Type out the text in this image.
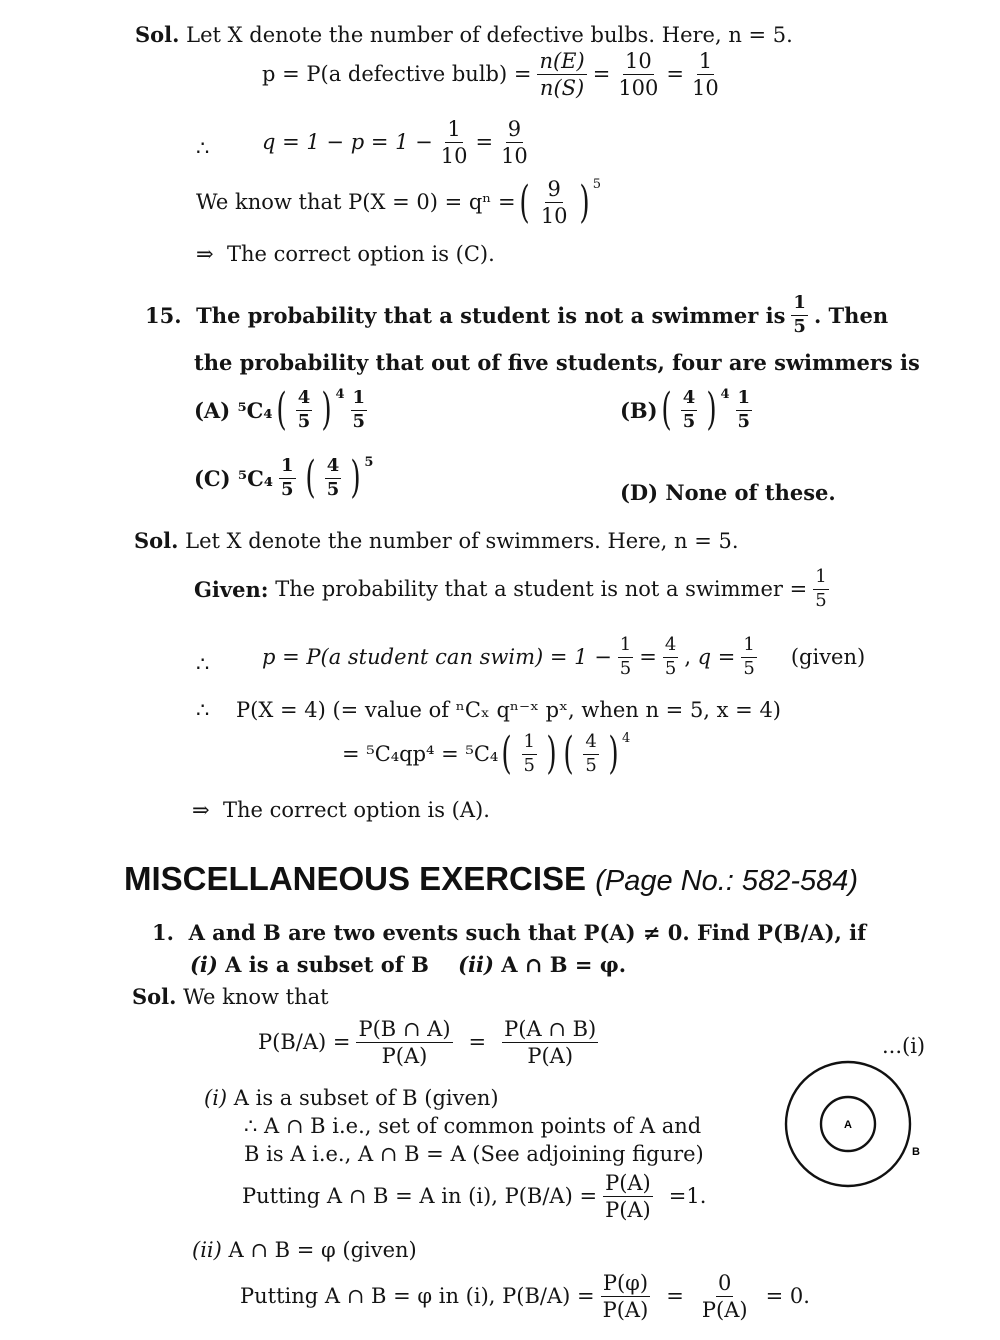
Sol. Let X denote the number of defective bulbs. Here, n = 5.
p = P(a defective bulb) = $\frac{n(E)}{n(S)} = \frac{10}{100} = \frac{1}{10}$
∴	$q = 1 - p = 1 - \frac{1}{10} = \frac{9}{10}$
We know that P(X = 0) = qⁿ = ( $\frac{9}{10}$ ) $^5$
⇒ The correct option is (C).
15.
The probability that a student is not a swimmer is $\frac{1}{5}$ . Then
the probability that out of five students, four are swimmers is
(A)
⁵C₄ ( $\frac{4}{5}$ ) $^4 \frac{1}{5}$	(B) ( $\frac{4}{5}$ ) $^4 \frac{1}{5}$
(C)
$^5C_4 \frac{1}{5}$ ( $\frac{4}{5}$ ) $^5$
(D) None of these.
Sol. Let X denote the number of swimmers. Here, n = 5.
Given:
The probability that a student is not a swimmer = $\frac{1}{5}$
∴	p = P(a student can swim) = $1 - \frac{1}{5} = \frac{4}{5}$ , $q = \frac{1}{5}$ (given)
∴ P(X = 4) (= value of ⁿCₓ qⁿ⁻ˣ pˣ, when n = 5, x = 4)
= ⁵C₄qp⁴ = ⁵C₄ ( $\frac{1}{5}$ ) ( $\frac{4}{5}$ ) $^4$
⇒ The correct option is (A).
MISCELLANEOUS EXERCISE (Page No.: 582-584)
1. A and B are two events such that P(A) ≠ 0. Find P(B/A), if
(i) A is a subset of B (ii) A ∩ B = φ.
Sol. We know that
$P(B/A) = \frac{P(B \cap A)}{P(A)} = \frac{P(A \cap B)}{P(A)}$	...(i)
(i) A is a subset of B (given)
∴ A ∩ B i.e., set of common points of A and
B is A i.e., A ∩ B = A (See adjoining figure)
Putting A ∩ B = A in (i), $P(B/A) = \frac{P(A)}{P(A)} =1$.
(ii) A ∩ B = φ (given)
Putting A ∩ B = φ in (i), $P(B/A) = \frac{P(\varphi)}{P(A)} = \frac{0}{P(A)} = 0$.
A
B
